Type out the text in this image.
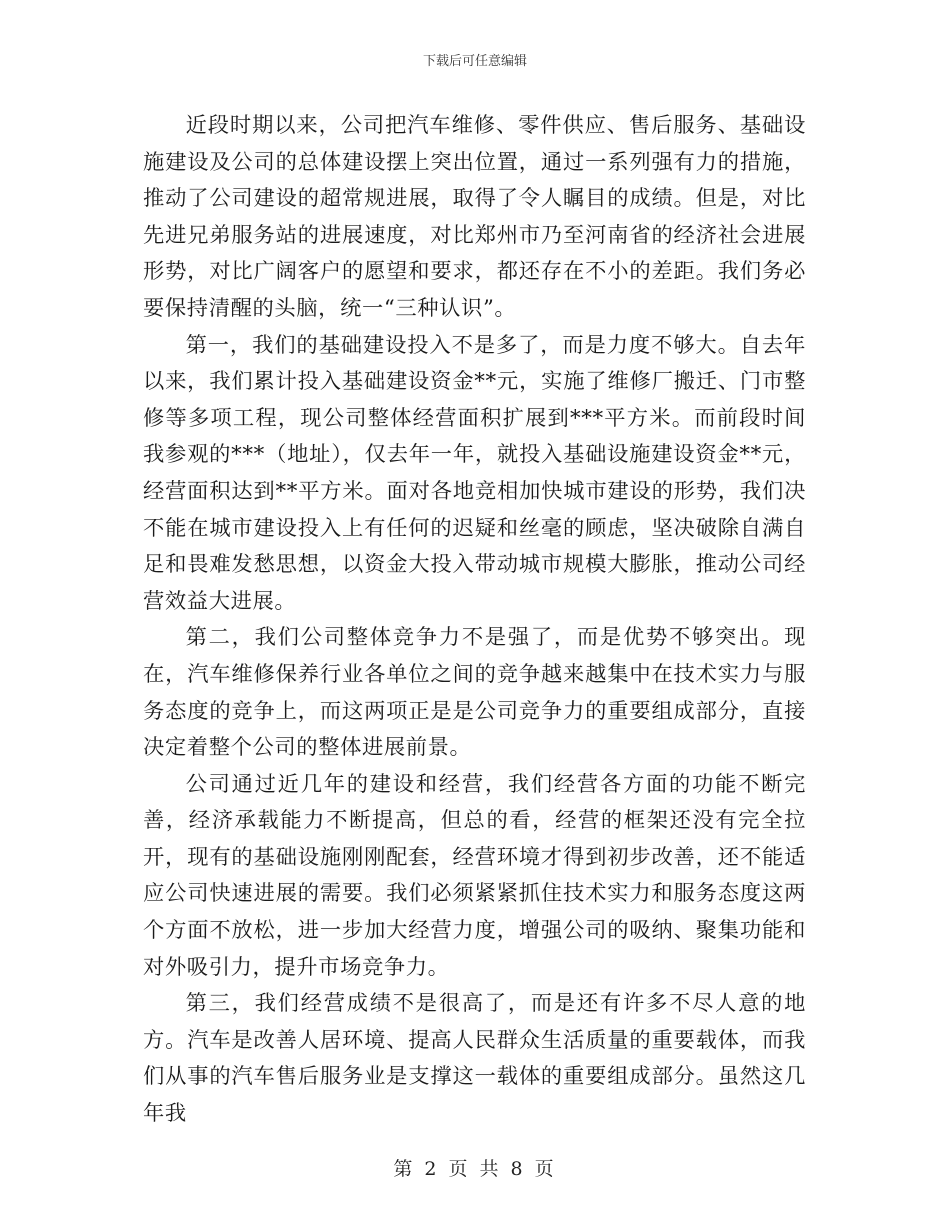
下载后可任意编辑

近段时期以来，公司把汽车维修、零件供应、售后服务、基础设施建设及公司的总体建设摆上突出位置，通过一系列强有力的措施，推动了公司建设的超常规进展，取得了令人瞩目的成绩。但是，对比先进兄弟服务站的进展速度，对比郑州市乃至河南省的经济社会进展形势，对比广阔客户的愿望和要求，都还存在不小的差距。我们务必要保持清醒的头脑，统一“三种认识”。

第一，我们的基础建设投入不是多了，而是力度不够大。自去年以来，我们累计投入基础建设资金**元，实施了维修厂搬迁、门市整修等多项工程，现公司整体经营面积扩展到***平方米。而前段时间我参观的***（地址），仅去年一年，就投入基础设施建设资金**元，经营面积达到**平方米。面对各地竞相加快城市建设的形势，我们决不能在城市建设投入上有任何的迟疑和丝毫的顾虑，坚决破除自满自足和畏难发愁思想，以资金大投入带动城市规模大膨胀，推动公司经营效益大进展。

第二，我们公司整体竞争力不是强了，而是优势不够突出。现在，汽车维修保养行业各单位之间的竞争越来越集中在技术实力与服务态度的竞争上，而这两项正是是公司竞争力的重要组成部分，直接决定着整个公司的整体进展前景。

公司通过近几年的建设和经营，我们经营各方面的功能不断完善，经济承载能力不断提高，但总的看，经营的框架还没有完全拉开，现有的基础设施刚刚配套，经营环境才得到初步改善，还不能适应公司快速进展的需要。我们必须紧紧抓住技术实力和服务态度这两个方面不放松，进一步加大经营力度，增强公司的吸纳、聚集功能和对外吸引力，提升市场竞争力。

第三，我们经营成绩不是很高了，而是还有许多不尽人意的地方。汽车是改善人居环境、提高人民群众生活质量的重要载体，而我们从事的汽车售后服务业是支撑这一载体的重要组成部分。虽然这几年我

第 2 页 共 8 页
